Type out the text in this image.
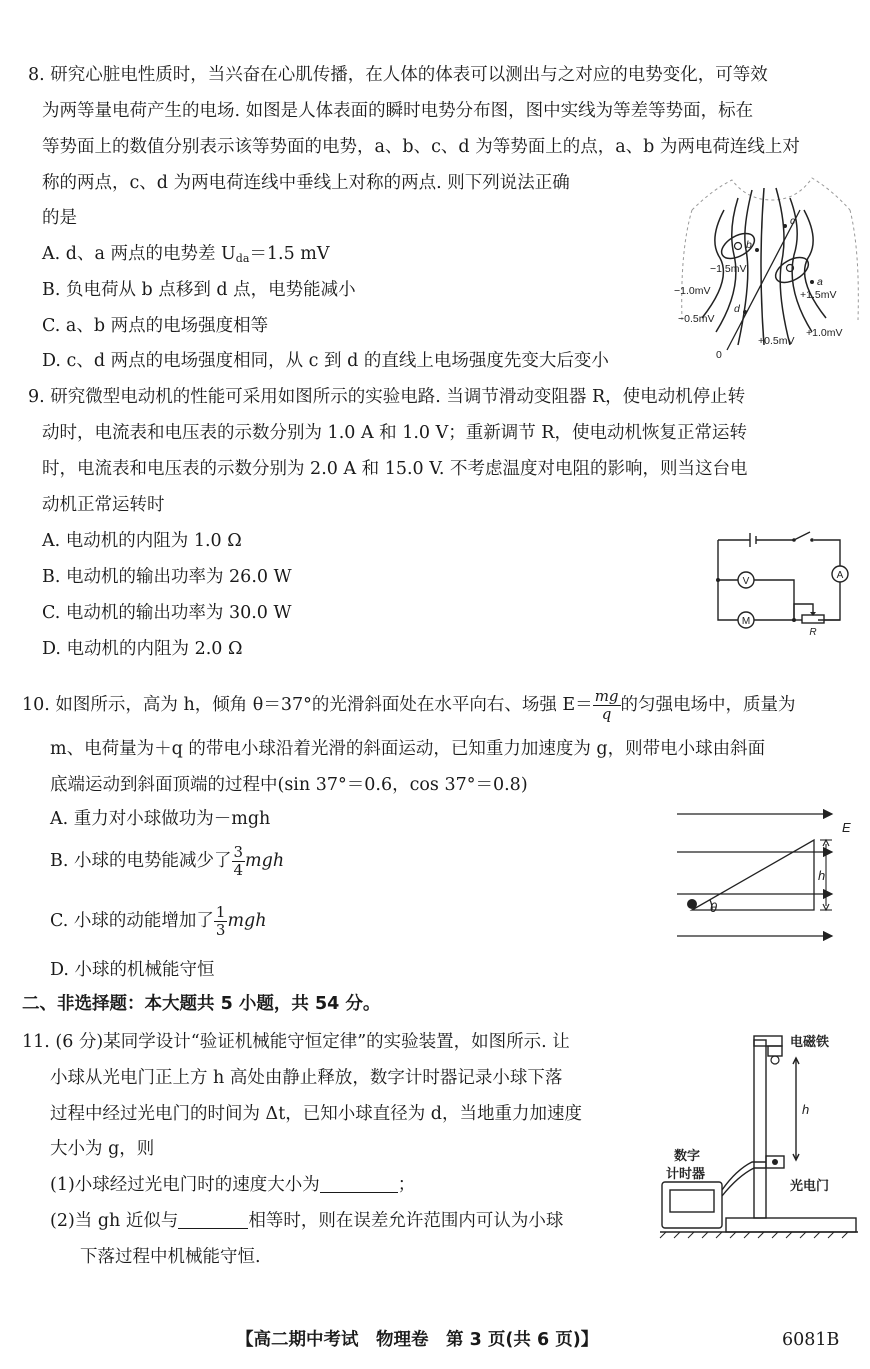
8. 研究心脏电性质时，当兴奋在心肌传播，在人体的体表可以测出与之对应的电势变化，可等效
为两等量电荷产生的电场. 如图是人体表面的瞬时电势分布图，图中实线为等差等势面，标在
等势面上的数值分别表示该等势面的电势，a、b、c、d 为等势面上的点，a、b 为两电荷连线上对
称的两点，c、d 为两电荷连线中垂线上对称的两点. 则下列说法正确
的是
A. d、a 两点的电势差 $U_{da}=1.5$ mV
B. 负电荷从 b 点移到 d 点，电势能减小
C. a、b 两点的电场强度相等
D. c、d 两点的电场强度相同，从 c 到 d 的直线上电场强度先变大后变小
−1.5mV
−1.0mV
−0.5mV
+1.5mV
+1.0mV
+0.5mV
0
a
b
c
d
9. 研究微型电动机的性能可采用如图所示的实验电路. 当调节滑动变阻器 R，使电动机停止转
动时，电流表和电压表的示数分别为 1.0 A 和 1.0 V；重新调节 R，使电动机恢复正常运转
时，电流表和电压表的示数分别为 2.0 A 和 15.0 V. 不考虑温度对电阻的影响，则当这台电
动机正常运转时
A. 电动机的内阻为 1.0 Ω
B. 电动机的输出功率为 26.0 W
C. 电动机的输出功率为 30.0 W
D. 电动机的内阻为 2.0 Ω
V
A
M
R
10. 如图所示，高为 h，倾角 θ＝37°的光滑斜面处在水平向右、场强 $E= \frac{mg}{q}$ 的匀强电场中，质量为
m、电荷量为＋q 的带电小球沿着光滑的斜面运动，已知重力加速度为 g，则带电小球由斜面
底端运动到斜面顶端的过程中(sin 37°＝0.6，cos 37°＝0.8)
A. 重力对小球做功为－mgh
B. 小球的电势能减少了 $\frac{3}{4}$ mgh
C. 小球的动能增加了 $\frac{1}{3}$ mgh
D. 小球的机械能守恒
E
h
θ
二、非选择题：本大题共 5 小题，共 54 分。
11. (6 分)某同学设计“验证机械能守恒定律”的实验装置，如图所示. 让
小球从光电门正上方 h 高处由静止释放，数字计时器记录小球下落
过程中经过光电门的时间为 Δt，已知小球直径为 d，当地重力加速度
大小为 g，则
(1)小球经过光电门时的速度大小为	；
(2)当 gh 近似与	相等时，则在误差允许范围内可认为小球
下落过程中机械能守恒.
电磁铁
h
数字
计时器
光电门
【高二期中考试　物理卷　第 3 页(共 6 页)】	6081B
